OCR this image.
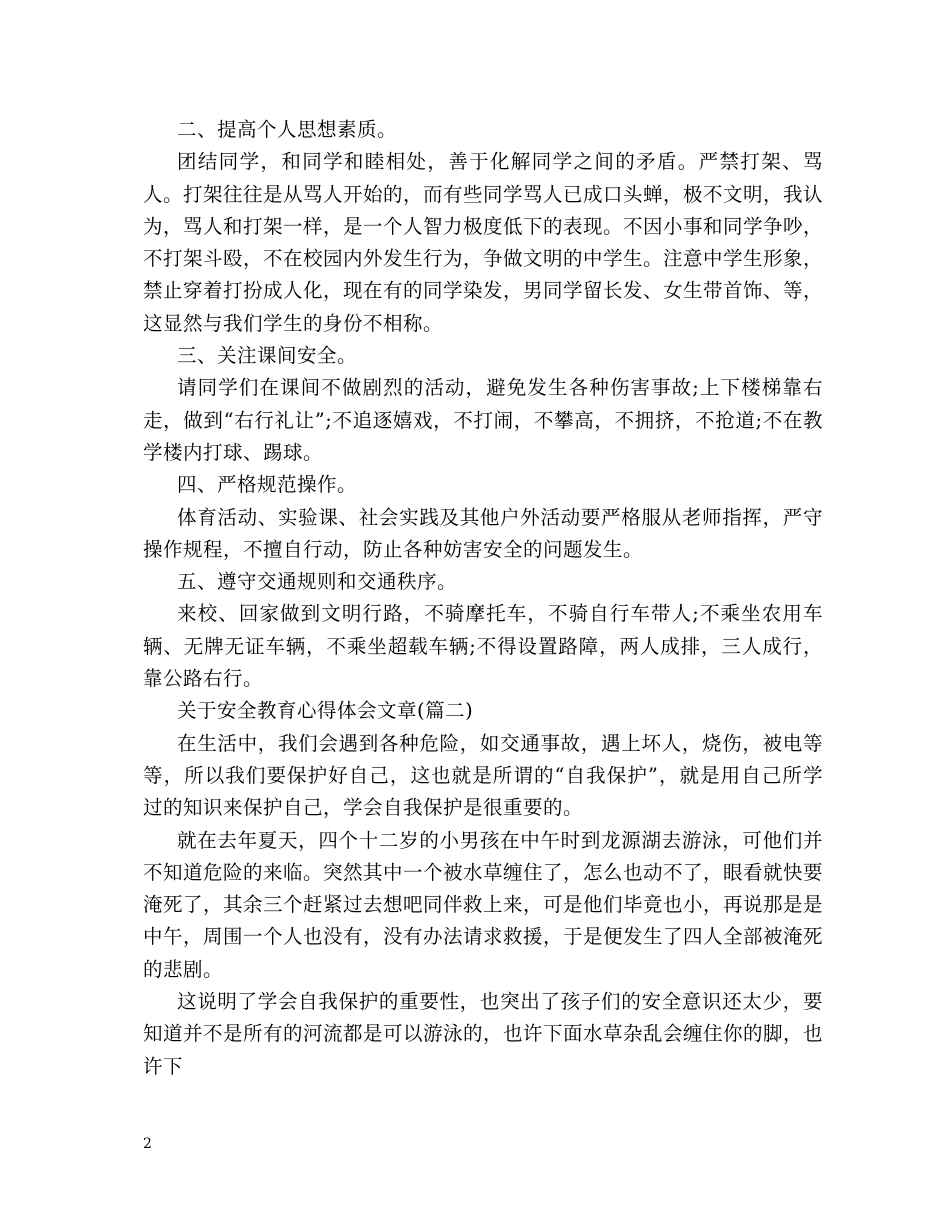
二、提高个人思想素质。

团结同学，和同学和睦相处，善于化解同学之间的矛盾。严禁打架、骂人。打架往往是从骂人开始的，而有些同学骂人已成口头蝉，极不文明，我认为，骂人和打架一样，是一个人智力极度低下的表现。不因小事和同学争吵，不打架斗殴，不在校园内外发生行为，争做文明的中学生。注意中学生形象，禁止穿着打扮成人化，现在有的同学染发，男同学留长发、女生带首饰、等，这显然与我们学生的身份不相称。

三、关注课间安全。

请同学们在课间不做剧烈的活动，避免发生各种伤害事故;上下楼梯靠右走，做到“右行礼让”;不追逐嬉戏，不打闹，不攀高，不拥挤，不抢道;不在教学楼内打球、踢球。

四、严格规范操作。

体育活动、实验课、社会实践及其他户外活动要严格服从老师指挥，严守操作规程，不擅自行动，防止各种妨害安全的问题发生。

五、遵守交通规则和交通秩序。

来校、回家做到文明行路，不骑摩托车，不骑自行车带人;不乘坐农用车辆、无牌无证车辆，不乘坐超载车辆;不得设置路障，两人成排，三人成行，靠公路右行。

关于安全教育心得体会文章(篇二)

在生活中，我们会遇到各种危险，如交通事故，遇上坏人，烧伤，被电等等，所以我们要保护好自己，这也就是所谓的“自我保护”，就是用自己所学过的知识来保护自己，学会自我保护是很重要的。

就在去年夏天，四个十二岁的小男孩在中午时到龙源湖去游泳，可他们并不知道危险的来临。突然其中一个被水草缠住了，怎么也动不了，眼看就快要淹死了，其余三个赶紧过去想吧同伴救上来，可是他们毕竟也小，再说那是是中午，周围一个人也没有，没有办法请求救援，于是便发生了四人全部被淹死的悲剧。

这说明了学会自我保护的重要性，也突出了孩子们的安全意识还太少，要知道并不是所有的河流都是可以游泳的，也许下面水草杂乱会缠住你的脚，也许下

2
